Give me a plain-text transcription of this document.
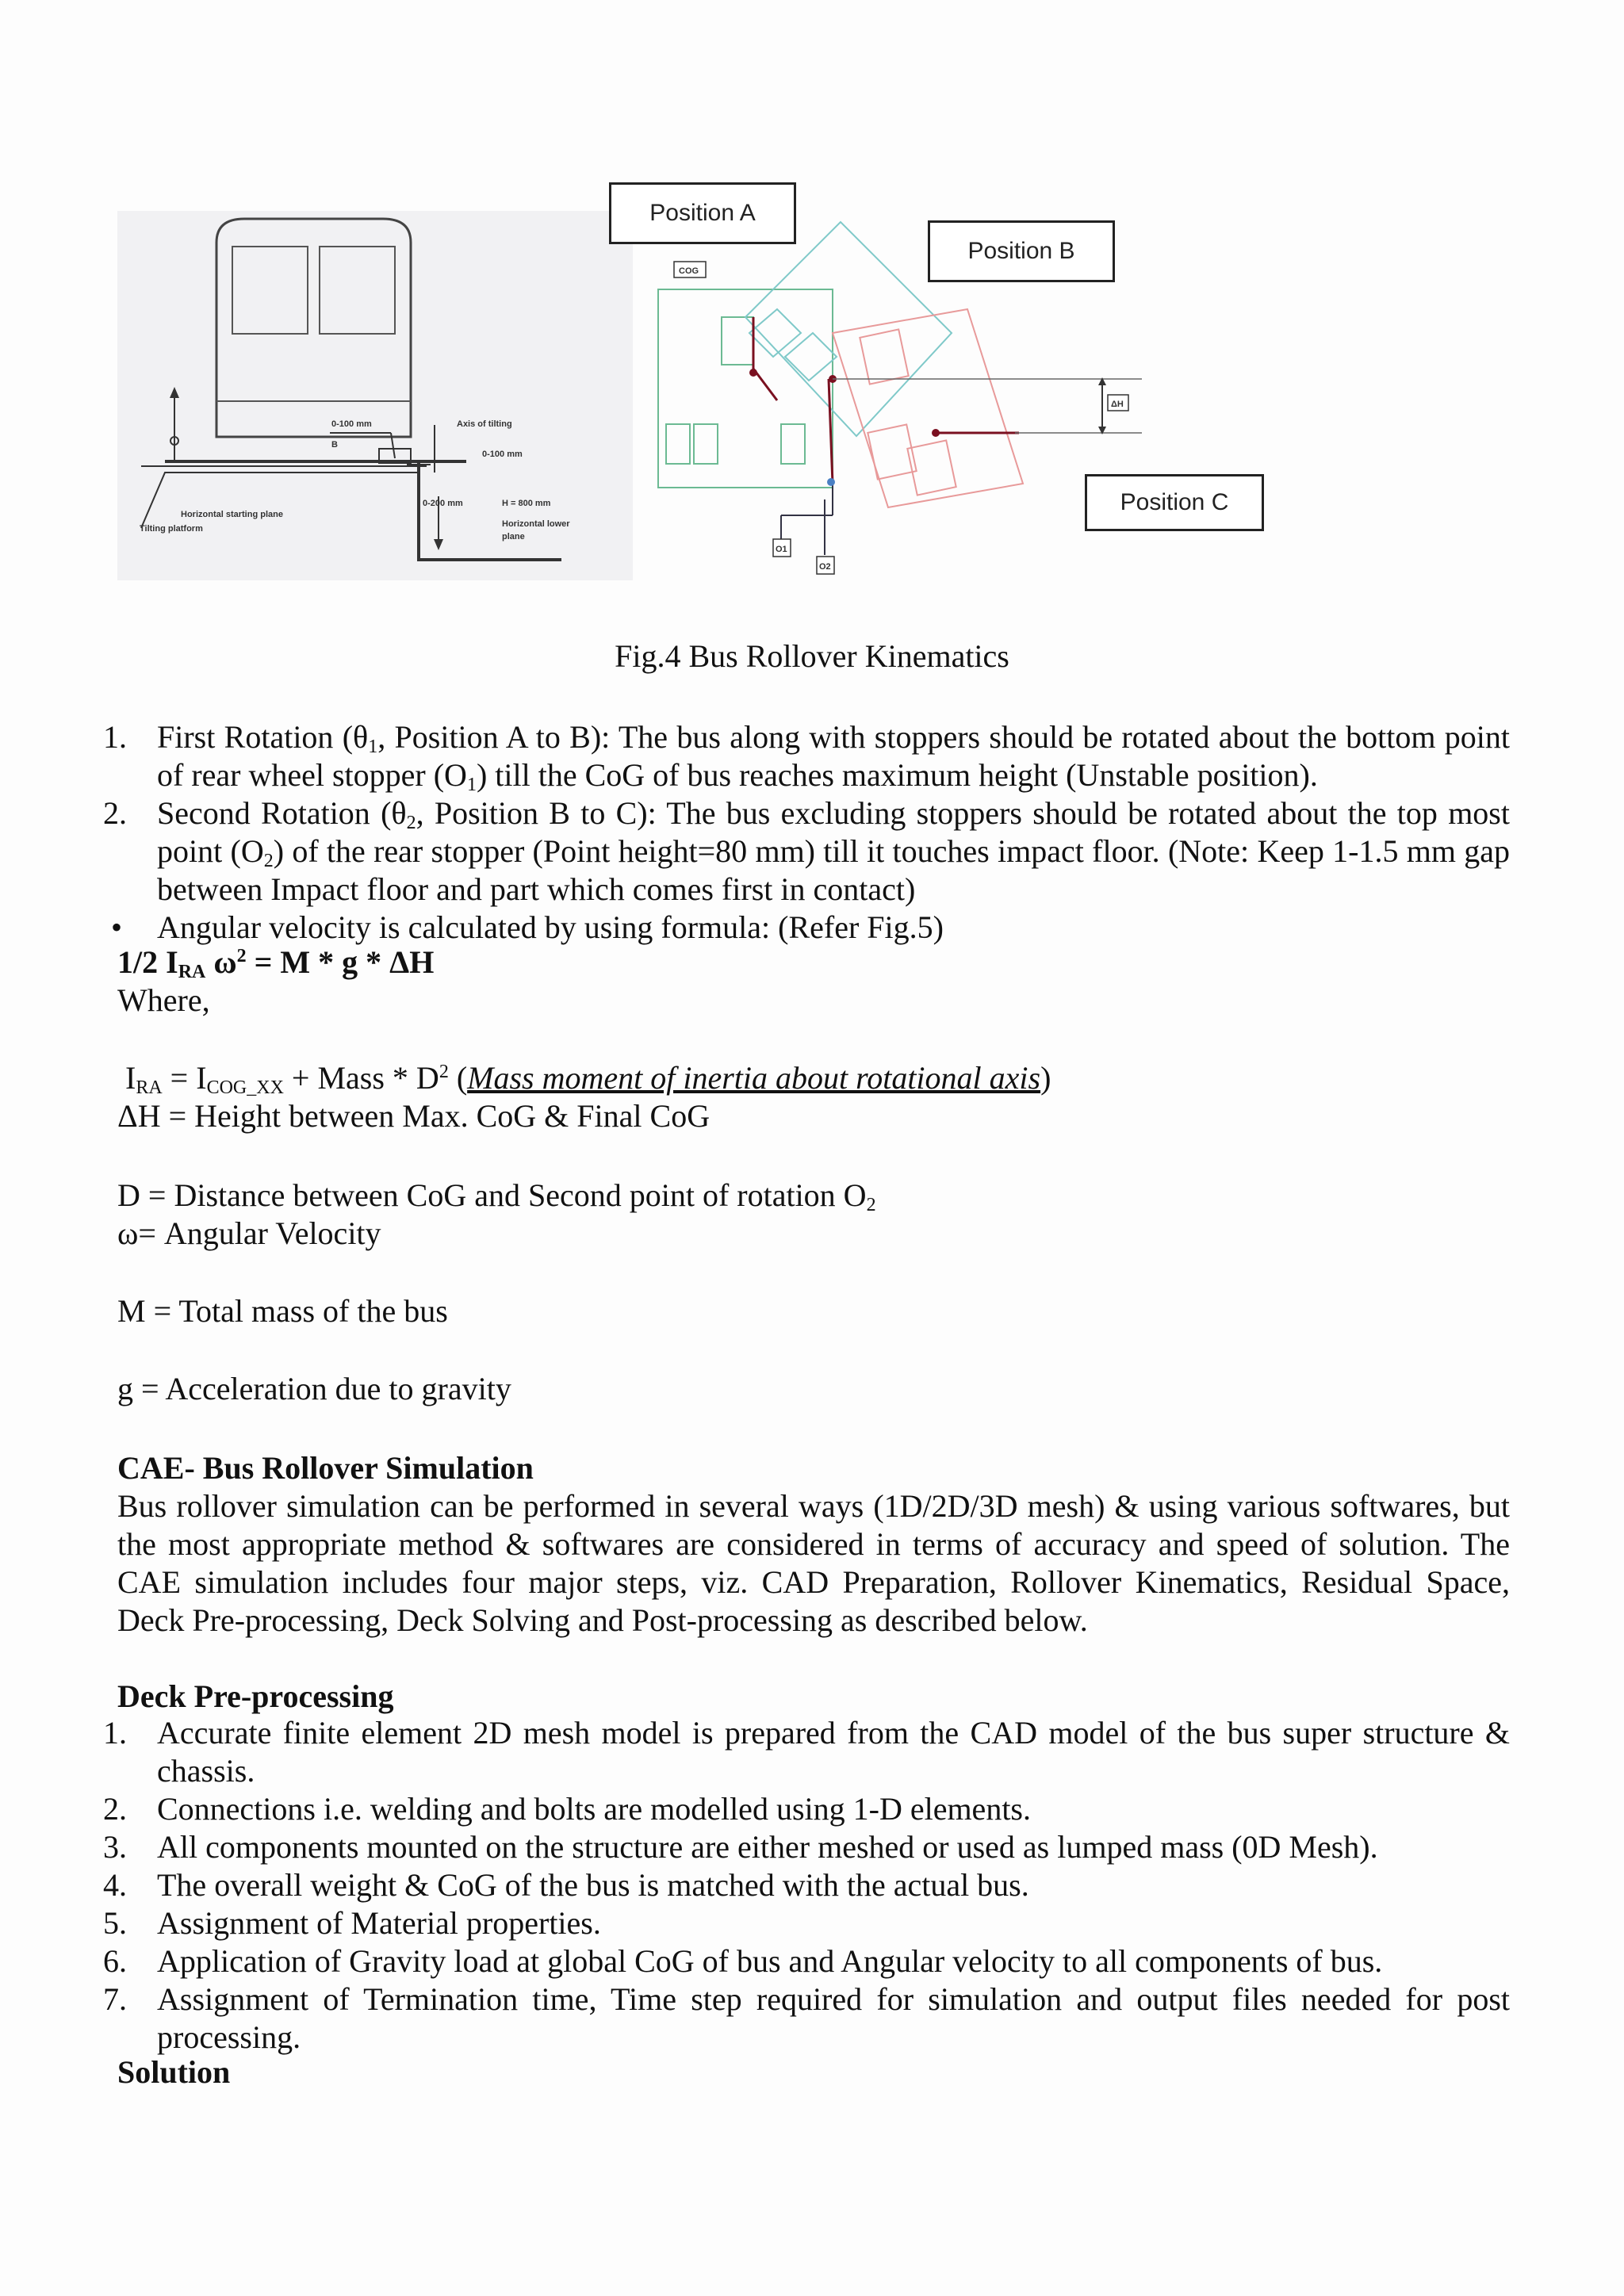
0-100 mm	Axis of tilting
0-100 mm
0-200 mm	H = 800 mm
Horizontal lower
plane
Horizontal starting plane
Tilting platform
B
ΔH
O1
O2
COG
Position A
Position B
Position C
Fig.4 Bus Rollover Kinematics
1. First Rotation ($\theta_1$, Position A to B): The bus along with stoppers should be rotated about the bottom point of rear wheel stopper $(O_1)$ till the CoG of bus reaches maximum height (Unstable position).
2. Second Rotation ($\theta_2$, Position B to C): The bus excluding stoppers should be rotated about the top most point $(O_2)$ of the rear stopper (Point height=80 mm) till it touches impact floor. (Note: Keep 1-1.5 mm gap between Impact floor and part which comes first in contact)
• Angular velocity is calculated by using formula: (Refer Fig.5)
1/2 $I_{RA}$ $\omega^2 = M * g * \Delta H$
Where,
$I_{RA} = I_{COG\_XX}$ + Mass * $D^2$ (Mass moment of inertia about rotational axis)
ΔH = Height between Max. CoG & Final CoG
D = Distance between CoG and Second point of rotation $O_2$
ω= Angular Velocity
M = Total mass of the bus
g = Acceleration due to gravity
CAE- Bus Rollover Simulation
Bus rollover simulation can be performed in several ways (1D/2D/3D mesh) & using various softwares, but the most appropriate method & softwares are considered in terms of accuracy and speed of solution. The CAE simulation includes four major steps, viz. CAD Preparation, Rollover Kinematics, Residual Space, Deck Pre-processing, Deck Solving and Post-processing as described below.
Deck Pre-processing
1. Accurate finite element 2D mesh model is prepared from the CAD model of the bus super structure & chassis.
2. Connections i.e. welding and bolts are modelled using 1-D elements.
3. All components mounted on the structure are either meshed or used as lumped mass (0D Mesh).
4. The overall weight & CoG of the bus is matched with the actual bus.
5. Assignment of Material properties.
6. Application of Gravity load at global CoG of bus and Angular velocity to all components of bus.
7. Assignment of Termination time, Time step required for simulation and output files needed for post processing.
Solution
